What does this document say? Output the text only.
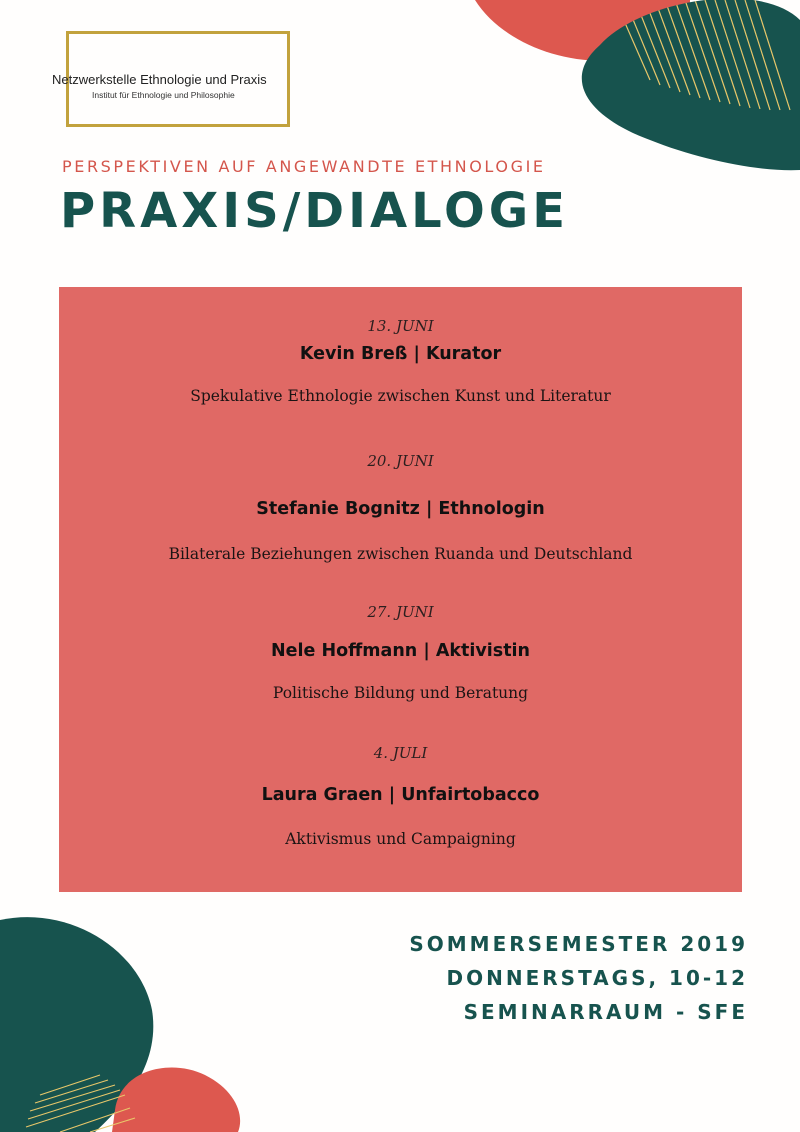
Netzwerkstelle Ethnologie und Praxis
Institut für Ethnologie und Philosophie
PERSPEKTIVEN AUF ANGEWANDTE ETHNOLOGIE
PRAXIS/DIALOGE
13. JUNI
Kevin Breß | Kurator
Spekulative Ethnologie zwischen Kunst und Literatur
20. JUNI
Stefanie Bognitz | Ethnologin
Bilaterale Beziehungen zwischen Ruanda und Deutschland
27. JUNI
Nele Hoffmann | Aktivistin
Politische Bildung und Beratung
4. JULI
Laura Graen | Unfairtobacco
Aktivismus und Campaigning
SOMMERSEMESTER 2019
DONNERSTAGS, 10-12
SEMINARRAUM - SFE
